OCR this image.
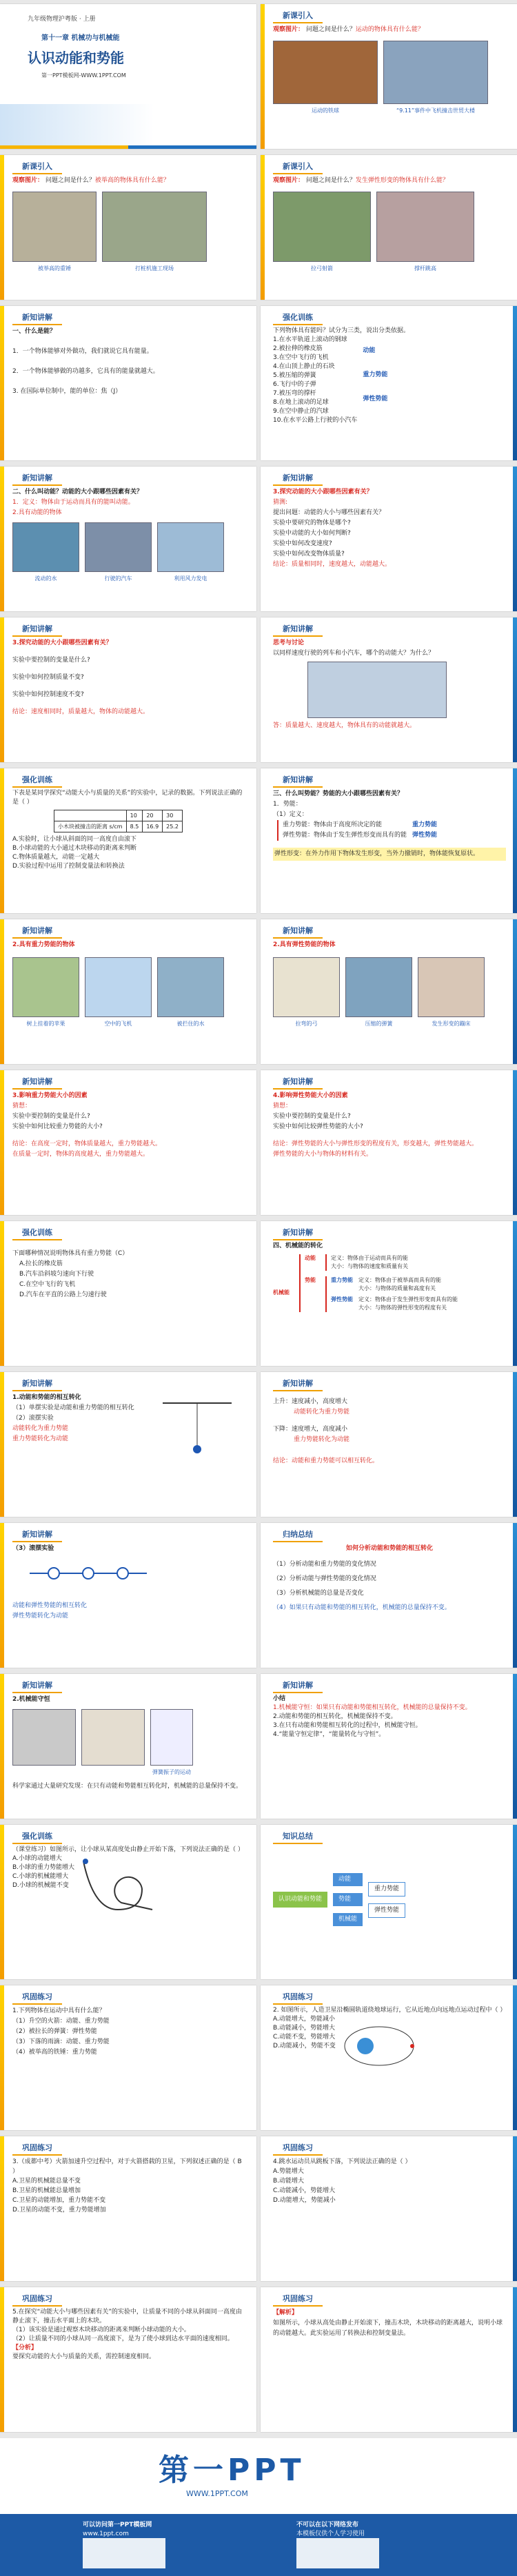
九年级物理沪粤版 · 上册
第十一章 机械功与机械能
认识动能和势能
第一PPT模板网-WWW.1PPT.COM
新课引入
观察图片： 问题之间是什么？运动的物体具有什么能？
运动的铁球	“9.11”事件中飞机撞击世贸大楼
新课引入
观察图片： 问题之间是什么？被举高的物体具有什么能？
被举高的重锤	打桩机施工现场
新课引入
观察图片： 问题之间是什么？发生弹性形变的物体具有什么能？
拉弓射箭	撑杆跳高
新知讲解
一、什么是能？
1．一个物体能够对外做功，我们就说它具有能量。
2．一个物体能够做的功越多，它具有的能量就越大。
3. 在国际单位制中，能的单位：焦（J）
强化训练
下列物体具有能吗？试分为三类，说出分类依据。
1.在水平轨道上滚动的钢球
2.被拉伸的橡皮筋
3.在空中飞行的飞机
4.在山顶上静止的石块
5.被压缩的弹簧
6.飞行中的子弹
7.被压弯的撑杆
8.在地上滚动的足球
9.在空中静止的汽球
10.在水平公路上行驶的小汽车
动能
重力势能
弹性势能
新知讲解
二、什么叫动能？动能的大小跟哪些因素有关？
1．定义：物体由于运动而具有的能叫动能。
2.具有动能的物体
流动的水	行驶的汽车	利用风力发电
新知讲解
3.探究动能的大小跟哪些因素有关？
猜测:
提出问题：动能的大小与哪些因素有关？
实验中要研究的物体是哪个?
实验中动能的大小如何判断?
实验中如何改变速度?
实验中如何改变物体质量?
结论：质量相同时，速度越大，动能越大。
新知讲解
3.探究动能的大小跟哪些因素有关？
实验中要控制的变量是什么?
实验中如何控制质量不变?
实验中如何控制速度不变?
结论：速度相同时，质量越大，物体的动能越大。
新知讲解
思考与讨论
以同样速度行驶的列车和小汽车，哪个的动能大？为什么？
答：质量越大、速度越大，物体具有的动能就越大。
强化训练
下表是某同学探究“动能大小与质量的关系”的实验中，记录的数据。下列说法正确的是（ ）
	10	20	30
小木块被撞击的距离 s/cm	8.5	16.9	25.2
A.实验时，让小球从斜面的同一高度自由滚下
B.小球动能的大小通过木块移动的距离来判断
C.物体质量越大，动能一定越大
D.实验过程中运用了控制变量法和转换法
新知讲解
三、什么叫势能？势能的大小跟哪些因素有关？
1．势能：
（1）定义：
重力势能：物体由于高度所决定的能
弹性势能：物体由于发生弹性形变而具有的能
重力势能
弹性势能
弹性形变：在外力作用下物体发生形变，当外力撤销时，物体能恢复原状。
新知讲解
2.具有重力势能的物体
树上挂着的苹果	空中的飞机	被拦住的水
新知讲解
2.具有弹性势能的物体
拉弯的弓	压缩的弹簧	发生形变的蹦床
新知讲解
3.影响重力势能大小的因素
猜想：
实验中要控制的变量是什么?
实验中如何比较重力势能的大小?
结论：在高度一定时，物体质量越大，重力势能越大。
在质量一定时，物体的高度越大，重力势能越大。
新知讲解
4.影响弹性势能大小的因素
猜想：
实验中要控制的变量是什么?
实验中如何比较弹性势能的大小?
结论：弹性势能的大小与弹性形变的程度有关，形变越大，弹性势能越大。
弹性势能的大小与物体的材料有关。
强化训练
下面哪种情况说明物体具有重力势能（C）
A.拉长的橡皮筋
B.汽车沿斜坡匀速向下行驶
C.在空中飞行的飞机
D.汽车在平直的公路上匀速行驶
新知讲解
四、机械能的转化
机械能
动能	定义：物体由于运动而具有的能
大小：与物体的速度和质量有关
势能	重力势能 定义：物体由于被举高而具有的能
大小：与物体的质量和高度有关
弹性势能 定义：物体由于发生弹性形变而具有的能
大小：与物体的弹性形变的程度有关
新知讲解
1.动能和势能的相互转化
（1）单摆实验是动能和重力势能的相互转化
（2）滚摆实验
动能转化为重力势能
重力势能转化为动能
新知讲解
上升：速度减小，高度增大
动能转化为重力势能
下降：速度增大，高度减小
重力势能转化为动能
结论：动能和重力势能可以相互转化。
新知讲解
（3）滚摆实验
动能和弹性势能的相互转化
弹性势能转化为动能
归纳总结
如何分析动能和势能的相互转化
（1）分析动能和重力势能的变化情况
（2）分析动能与弹性势能的变化情况
（3）分析机械能的总量是否变化
（4）如果只有动能和势能的相互转化，机械能的总量保持不变。
新知讲解
2.机械能守恒
弹簧振子的运动
科学家通过大量研究发现：在只有动能和势能相互转化时，机械能的总量保持不变。
新知讲解
小结
1.机械能守恒：如果只有动能和势能相互转化，机械能的总量保持不变。
2.动能和势能的相互转化，机械能保持不变。
3.在只有动能和势能相互转化的过程中，机械能守恒。
4.“能量守恒定律”，“能量转化与守恒”。
强化训练
（课堂练习）如图所示，让小球从某高度处由静止开始下落，下列说法正确的是（ ）
A.小球的动能增大
B.小球的重力势能增大
C.小球的机械能增大
D.小球的机械能不变
知识总结
认识动能和势能
动能
势能
机械能
重力势能
弹性势能
巩固练习
1.下列物体在运动中具有什么能？
（1）升空的火箭：动能、重力势能
（2）被拉长的弹簧：弹性势能
（3）下落的雨滴：动能、重力势能
（4）被举高的铁锤：重力势能
巩固练习
2. 如图所示，人造卫星沿椭圆轨道绕地球运行，它从近地点向远地点运动过程中（ ）
A.动能增大，势能减小
B.动能减小，势能增大
C.动能不变，势能增大
D.动能减小，势能不变
巩固练习
3.（成都中考）火箭加速升空过程中，对于火箭搭载的卫星，下列叙述正确的是（ B ）
A.卫星的机械能总量不变
B.卫星的机械能总量增加
C.卫星的动能增加，重力势能不变
D.卫星的动能不变，重力势能增加
巩固练习
4.跳水运动员从跳板下落，下列说法正确的是（ ）
A.势能增大
B.动能增大
C.动能减小，势能增大
D.动能增大，势能减小
巩固练习
5.在探究“动能大小与哪些因素有关”的实验中，让质量不同的小球从斜面同一高度由静止滚下，撞击水平面上的木块。
（1）该实验是通过观察木块移动的距离来判断小球动能的大小。
（2）让质量不同的小球从同一高度滚下，是为了使小球到达水平面的速度相同。
【分析】
要探究动能的大小与质量的关系，需控制速度相同。
巩固练习
【解析】
如图所示，小球从高处由静止开始滚下，撞击木块，木块移动的距离越大，说明小球的动能越大。此实验运用了转换法和控制变量法。
第一PPT
WWW.1PPT.COM
可以访问第一PPT模板网
www.1ppt.com
不可以在以下网络发布
本模板仅供个人学习使用
